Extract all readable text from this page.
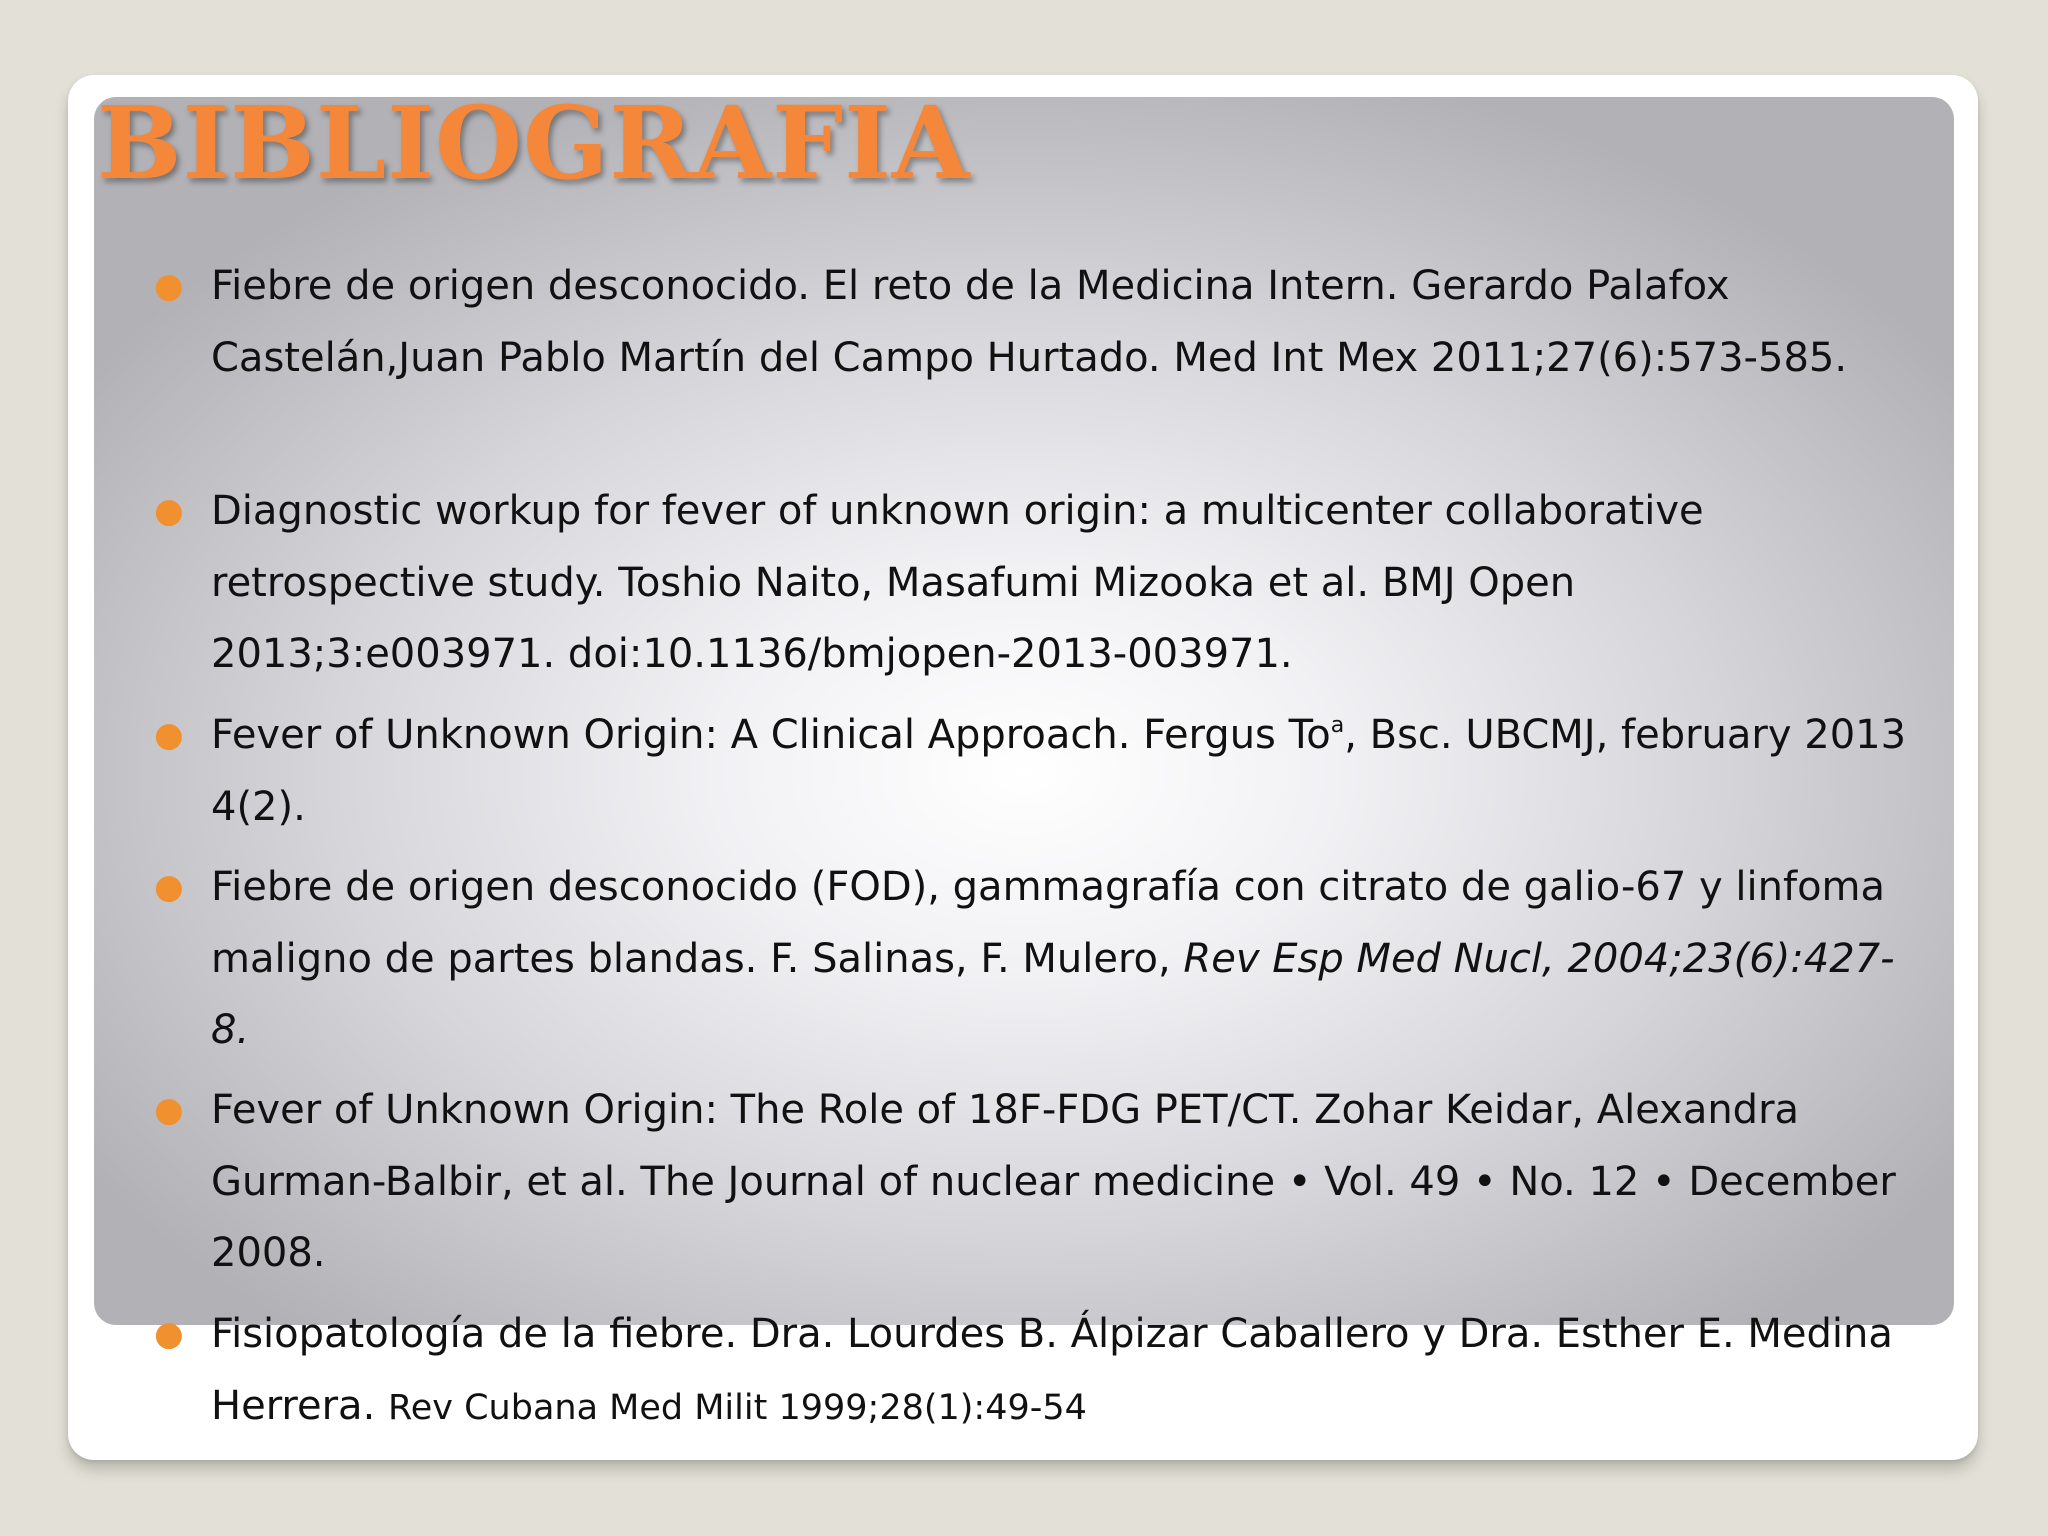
BIBLIOGRAFIA
● Fiebre de origen desconocido. El reto de la Medicina Intern. Gerardo Palafox Castelán,Juan Pablo Martín del Campo Hurtado. Med Int Mex 2011;27(6):573-585.
● Diagnostic workup for fever of unknown origin: a multicenter collaborative retrospective study. Toshio Naito, Masafumi Mizooka et al. BMJ Open 2013;3:e003971. doi:10.1136/bmjopen-2013-003971.
● Fever of Unknown Origin: A Clinical Approach. Fergus To$^a$, Bsc. UBCMJ, february 2013 4(2).
● Fiebre de origen desconocido (FOD), gammagrafía con citrato de galio-67 y linfoma maligno de partes blandas. F. Salinas, F. Mulero, Rev Esp Med Nucl, 2004;23(6):427-8.
● Fever of Unknown Origin: The Role of 18F-FDG PET/CT. Zohar Keidar, Alexandra Gurman-Balbir, et al. The Journal of nuclear medicine • Vol. 49 • No. 12 • December 2008.
● Fisiopatología de la fiebre. Dra. Lourdes B. Álpizar Caballero y Dra. Esther E. Medina Herrera. Rev Cubana Med Milit 1999;28(1):49-54
